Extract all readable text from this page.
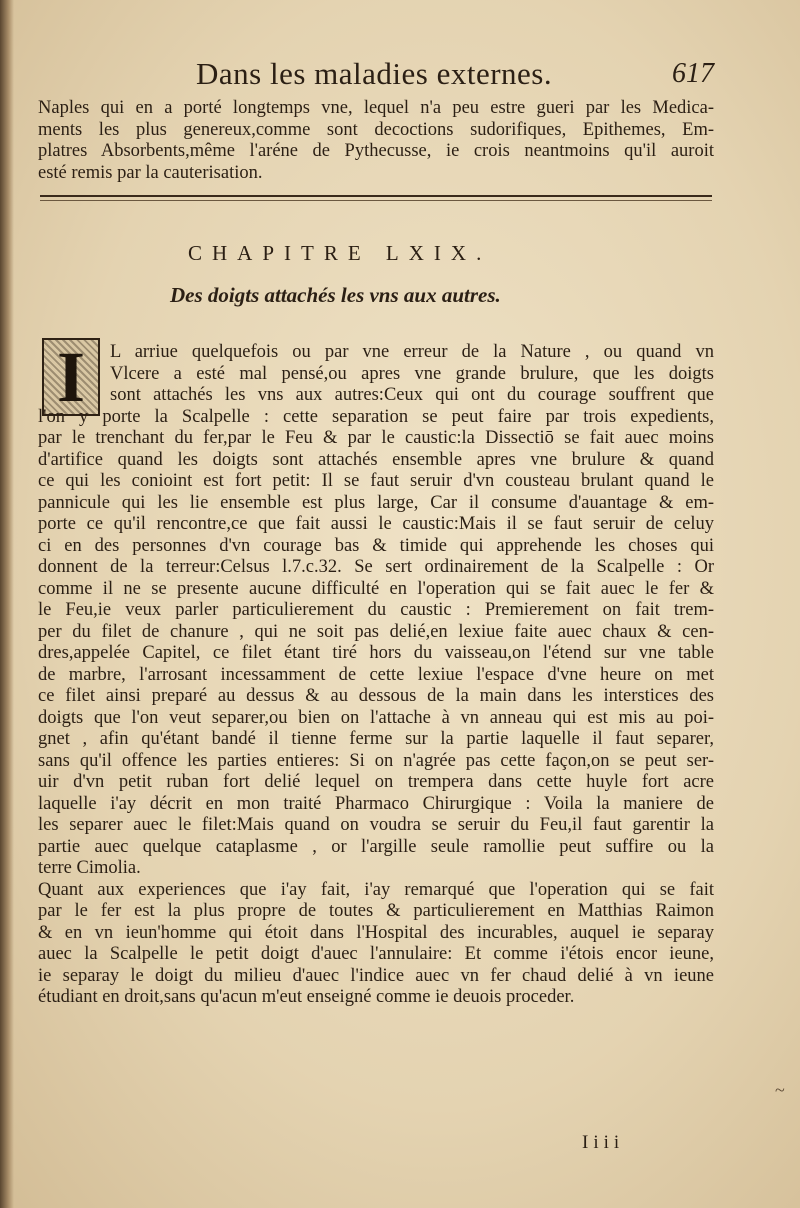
Dans les maladies externes.	617
Naples qui en a porté longtemps vne, lequel n'a peu estre gueri par les Medica-
ments les plus genereux,comme sont decoctions sudorifiques, Epithemes, Em-
platres Absorbents,même l'aréne de Pythecusse, ie crois neantmoins qu'il auroit
esté remis par la cauterisation.
CHAPITRE LXIX.
Des doigts attachés les vns aux autres.
I L arriue quelquefois ou par vne erreur de la Nature , ou quand vn
Vlcere a esté mal pensé,ou apres vne grande brulure, que les doigts
sont attachés les vns aux autres:Ceux qui ont du courage souffrent que
l'on y porte la Scalpelle : cette separation se peut faire par trois expedients,
par le trenchant du fer,par le Feu & par le caustic:la Dissectiō se fait auec moins
d'artifice quand les doigts sont attachés ensemble apres vne brulure & quand
ce qui les conioint est fort petit: Il se faut seruir d'vn cousteau brulant quand le
pannicule qui les lie ensemble est plus large, Car il consume d'auantage & em-
porte ce qu'il rencontre,ce que fait aussi le caustic:Mais il se faut seruir de celuy
ci en des personnes d'vn courage bas & timide qui apprehende les choses qui
donnent de la terreur:Celsus l.7.c.32. Se sert ordinairement de la Scalpelle : Or
comme il ne se presente aucune difficulté en l'operation qui se fait auec le fer &
le Feu,ie veux parler particulierement du caustic : Premierement on fait trem-
per du filet de chanure , qui ne soit pas delié,en lexiue faite auec chaux & cen-
dres,appelée Capitel, ce filet étant tiré hors du vaisseau,on l'étend sur vne table
de marbre, l'arrosant incessamment de cette lexiue l'espace d'vne heure on met
ce filet ainsi preparé au dessus & au dessous de la main dans les interstices des
doigts que l'on veut separer,ou bien on l'attache à vn anneau qui est mis au poi-
gnet , afin qu'étant bandé il tienne ferme sur la partie laquelle il faut separer,
sans qu'il offence les parties entieres: Si on n'agrée pas cette façon,on se peut ser-
uir d'vn petit ruban fort delié lequel on trempera dans cette huyle fort acre
laquelle i'ay décrit en mon traité Pharmaco Chirurgique : Voila la maniere de
les separer auec le filet:Mais quand on voudra se seruir du Feu,il faut garentir la
partie auec quelque cataplasme , or l'argille seule ramollie peut suffire ou la
terre Cimolia.
Quant aux experiences que i'ay fait, i'ay remarqué que l'operation qui se fait
par le fer est la plus propre de toutes & particulierement en Matthias Raimon
& en vn ieun'homme qui étoit dans l'Hospital des incurables, auquel ie separay
auec la Scalpelle le petit doigt d'auec l'annulaire: Et comme i'étois encor ieune,
ie separay le doigt du milieu d'auec l'indice auec vn fer chaud delié à vn ieune
étudiant en droit,sans qu'acun m'eut enseigné comme ie deuois proceder.
Iiii
~
